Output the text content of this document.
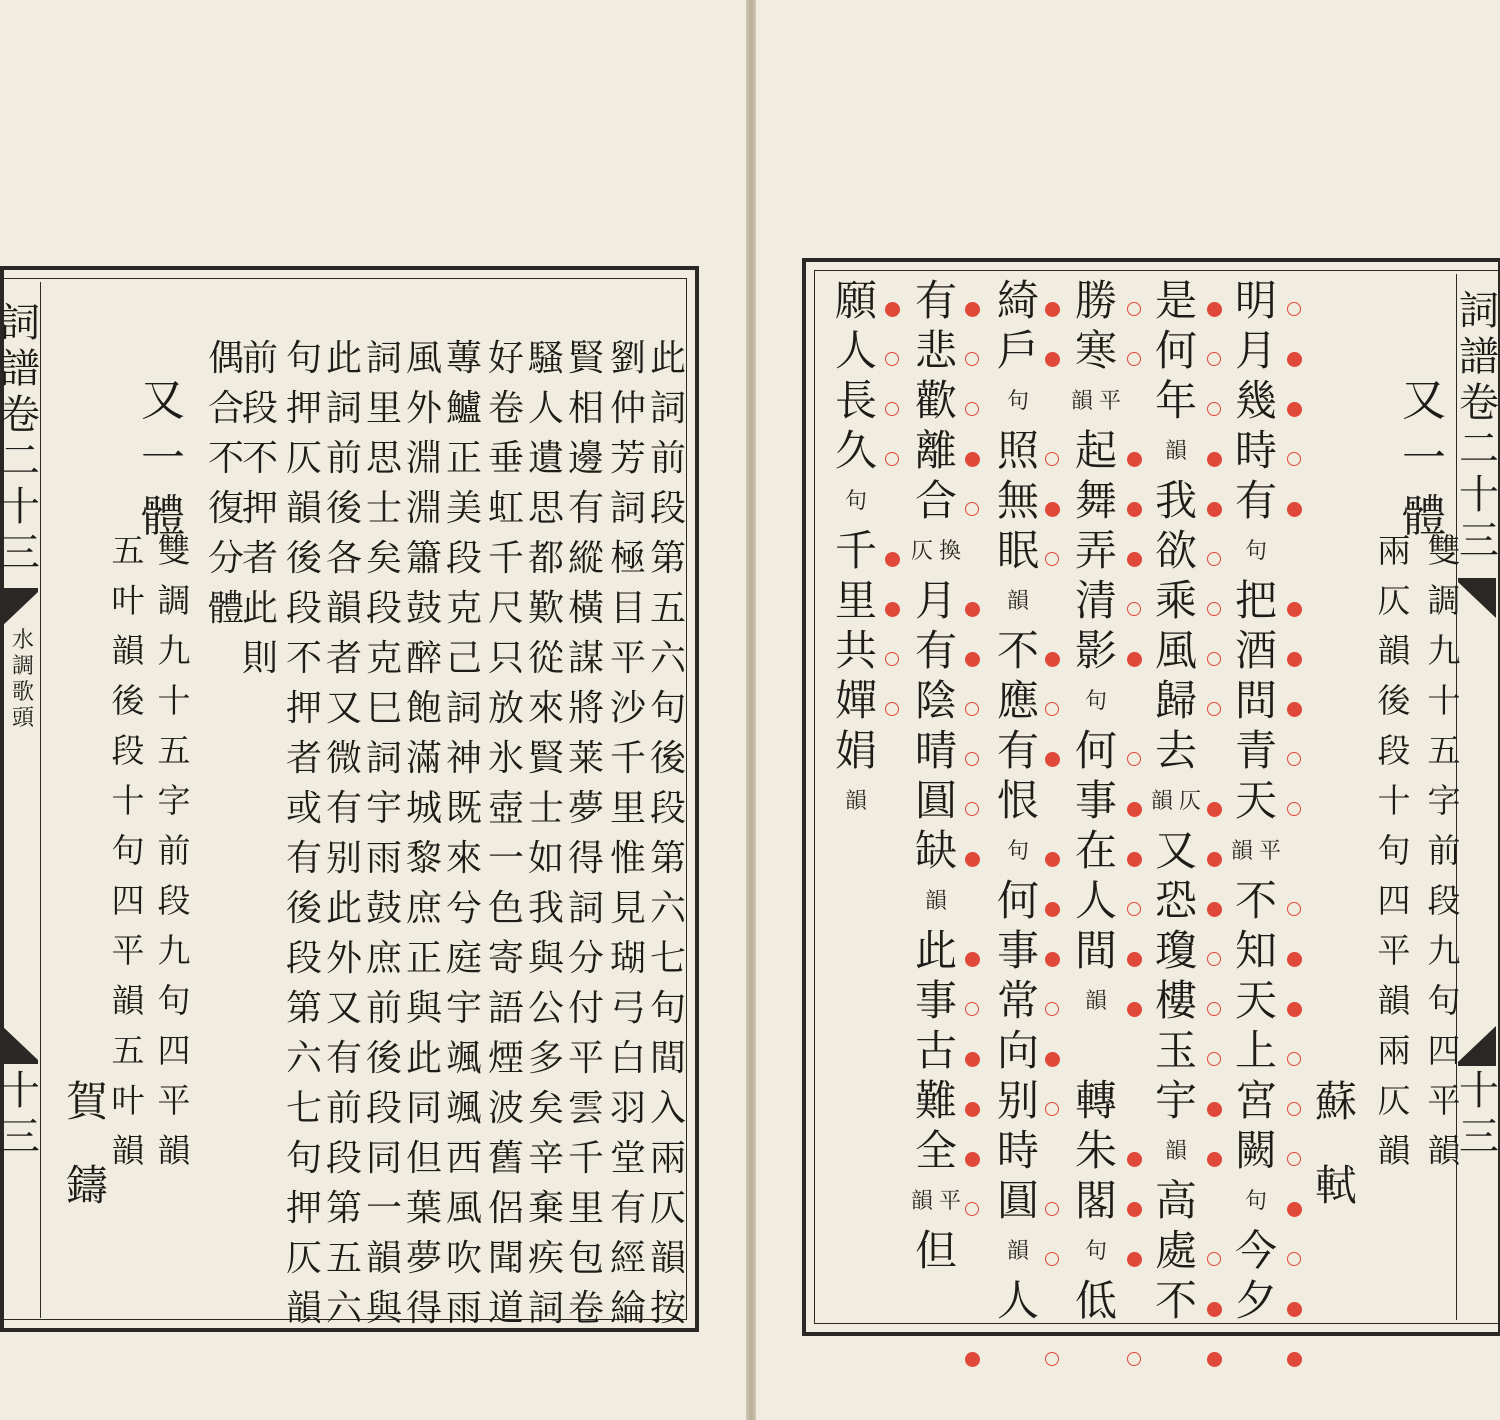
詞
譜
卷
二
十
三
水
調
歌
頭
十
三
此
詞
前
段
第
五
六
句
後
段
第
六
七
句
間
入
兩
仄
韻
按
劉
仲
芳
詞
極
目
平
沙
千
里
惟
見
瑚
弓
白
羽
堂
有
經
綸
賢
相
邊
有
縱
橫
謀
將
莱
夢
得
詞
分
付
平
雲
千
里
包
卷
騷
人
遺
思
都
歎
從
來
賢
士
如
我
與
公
多
矣
辛
棄
疾
詞
好
卷
垂
虹
千
尺
只
放
氷
壺
一
色
寄
語
煙
波
舊
侶
聞
道
蓴
鱸
正
美
段
克
己
詞
神
既
來
兮
庭
宇
颯
颯
西
風
吹
雨
風
外
淵
淵
簫
鼓
醉
飽
滿
城
黎
庶
正
與
此
同
但
葉
夢
得
詞
里
思
士
矣
段
克
巳
詞
宇
雨
鼓
庶
前
後
段
同
一
韻
與
此
詞
前
後
各
韻
者
又
微
有
别
此
外
又
有
前
段
第
五
六
句
押
仄
韻
後
段
不
押
者
或
有
後
段
第
六
七
句
押
仄
韻
前
段
不
押
者
此
則
偶
合
不
復
分
體
又
一
體
雙
調
九
十
五
字
前
段
九
句
四
平
韻
五
叶
韻
後
段
十
句
四
平
韻
五
叶
韻
賀
鑄
詞
譜
卷
二
十
三
十
三
又
一
體
雙
調
九
十
五
字
前
段
九
句
四
平
韻
兩
仄
韻
後
段
十
句
四
平
韻
兩
仄
韻
蘇
軾
明
月
幾
時
有
句
把
酒
問
青
天
平
韻
不
知
天
上
宮
闕
句
今
夕
是
何
年
韻
我
欲
乘
風
歸
去
仄
韻
又
恐
瓊
樓
玉
宇
韻
高
處
不
勝
寒
平
韻
起
舞
弄
清
影
句
何
事
在
人
間
韻
轉
朱
閣
句
低
綺
戶
句
照
無
眠
韻
不
應
有
恨
句
何
事
常
向
别
時
圓
韻
人
有
悲
歡
離
合
換
仄
月
有
陰
晴
圓
缺
韻
此
事
古
難
全
平
韻
但
願
人
長
久
句
千
里
共
嬋
娟
韻
